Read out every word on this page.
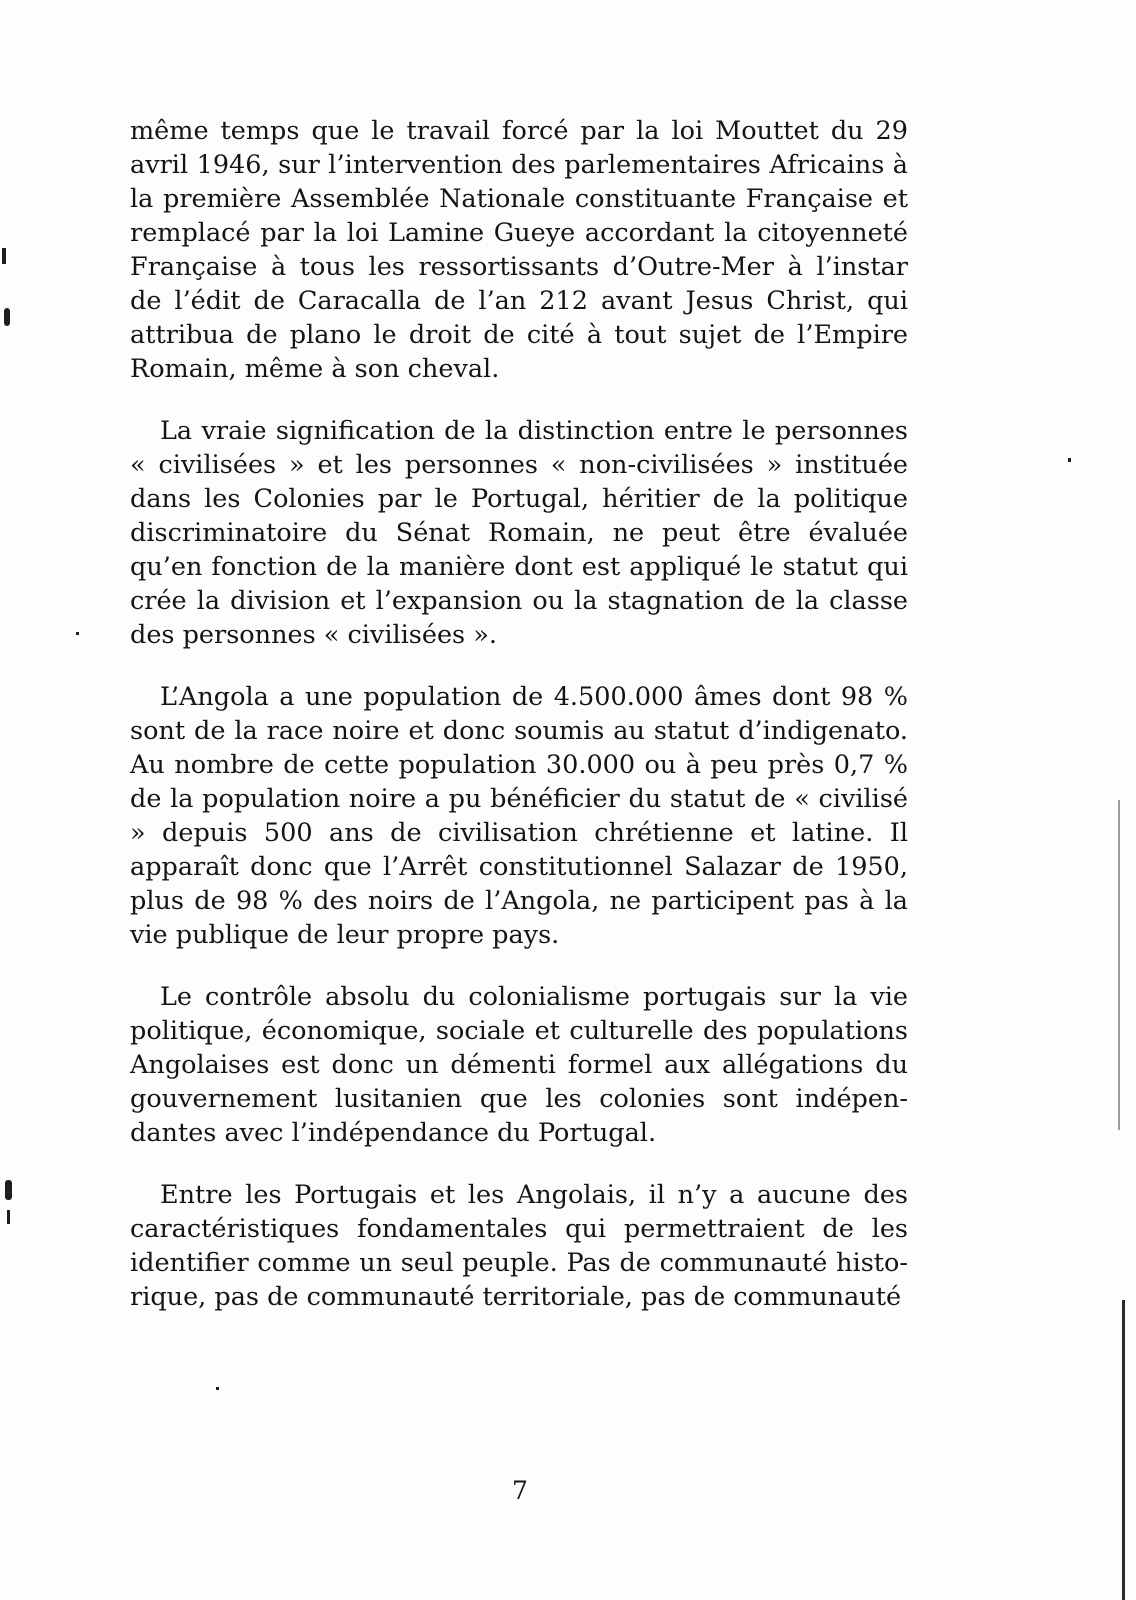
même temps que le travail forcé par la loi Mouttet du 29 avril 1946, sur l’intervention des parlementaires Africains à la première Assemblée Nationale constituante Française et remplacé par la loi Lamine Gueye accordant la citoyenneté Française à tous les ressortissants d’Outre-Mer à l’instar de l’édit de Caracalla de l’an 212 avant Jesus Christ, qui attribua de plano le droit de cité à tout sujet de l’Empire Romain, même à son cheval.

La vraie signification de la distinction entre le personnes « civilisées » et les personnes « non-civilisées » instituée dans les Colonies par le Portugal, héritier de la politique discriminatoire du Sénat Romain, ne peut être évaluée qu’en fonction de la manière dont est appliqué le statut qui crée la division et l’expansion ou la stagnation de la classe des personnes « civilisées ».

L’Angola a une population de 4.500.000 âmes dont 98 % sont de la race noire et donc soumis au statut d’indigenato. Au nombre de cette population 30.000 ou à peu près 0,7 % de la population noire a pu bénéficier du statut de « civilisé » depuis 500 ans de civilisation chrétienne et latine. Il apparaît donc que l’Arrêt constitutionnel Salazar de 1950, plus de 98 % des noirs de l’Angola, ne participent pas à la vie publique de leur propre pays.

Le contrôle absolu du colonialisme portugais sur la vie politique, économique, sociale et culturelle des populations Angolaises est donc un démenti formel aux allégations du gouvernement lusitanien que les colonies sont indépendantes avec l’indépendance du Portugal.

Entre les Portugais et les Angolais, il n’y a aucune des caractéristiques fondamentales qui permettraient de les identifier comme un seul peuple. Pas de communauté historique, pas de communauté territoriale, pas de communauté

7
